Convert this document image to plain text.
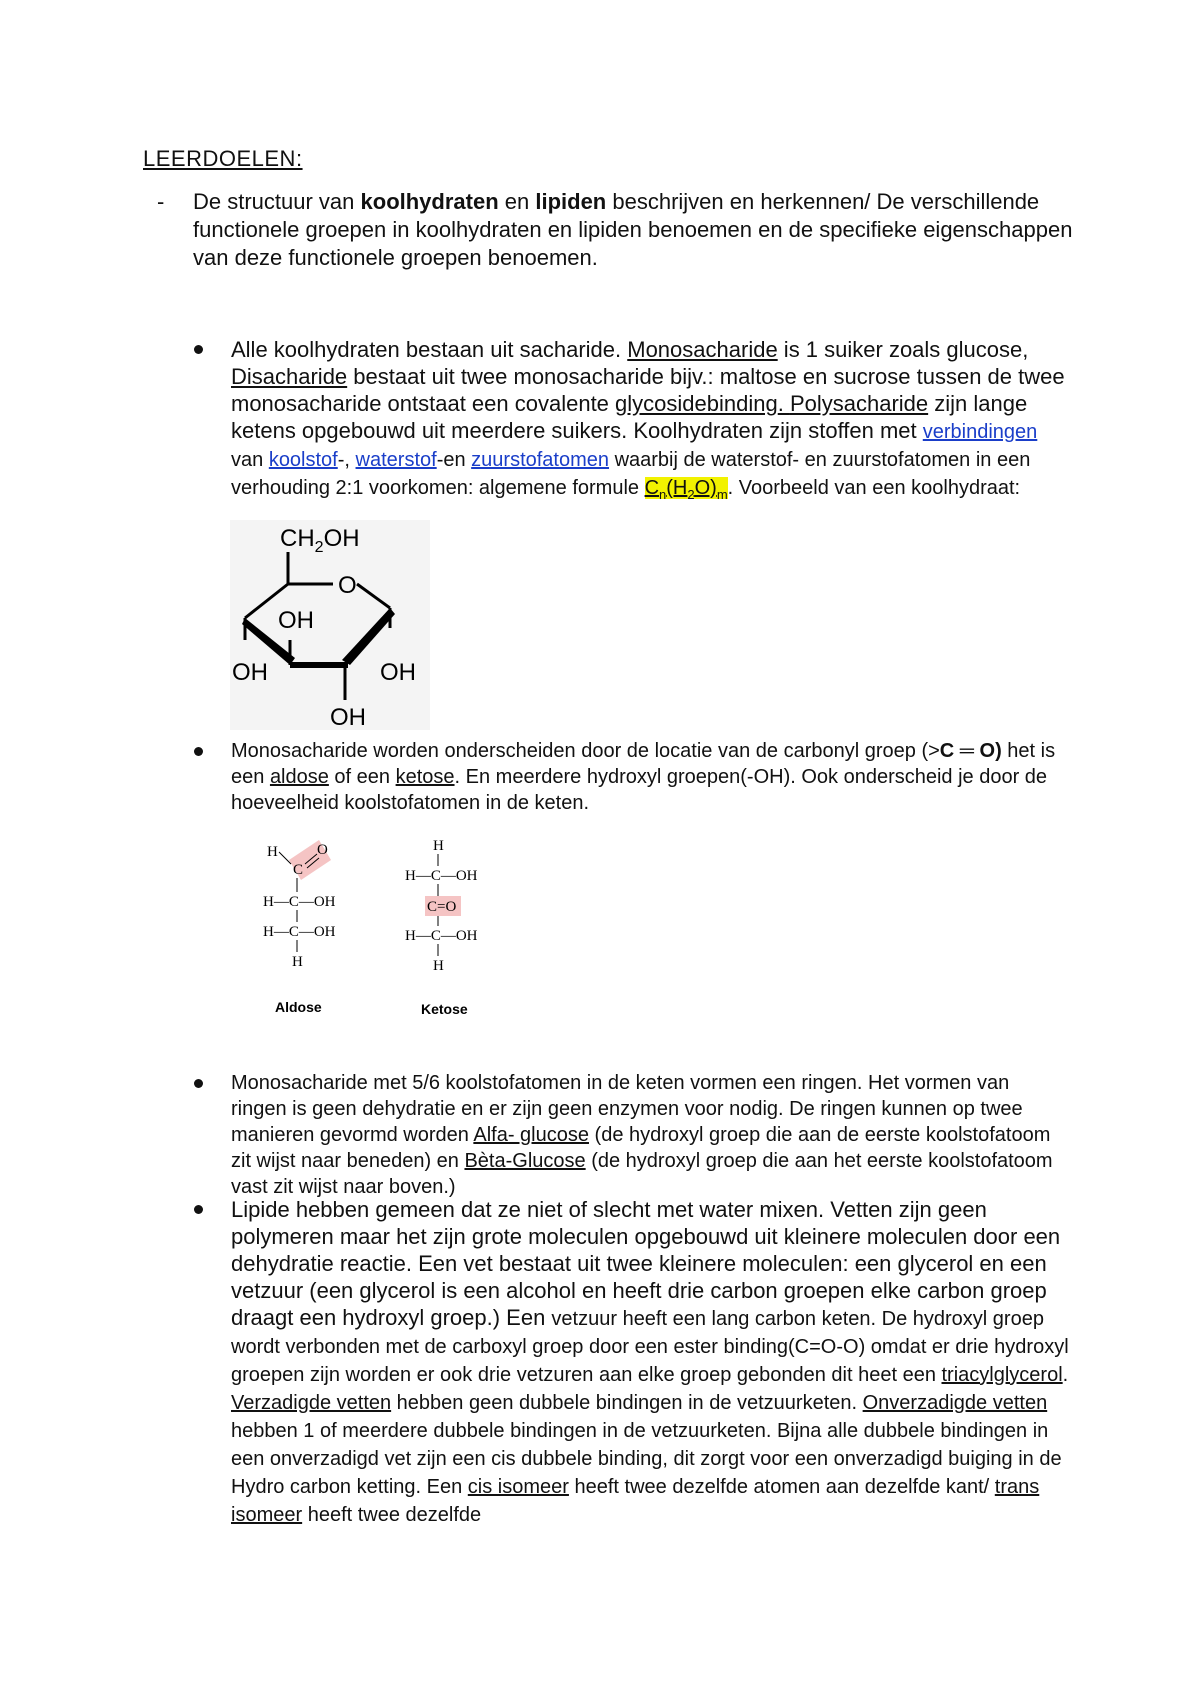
LEERDOELEN:
- De structuur van koolhydraten en lipiden beschrijven en herkennen/ De verschillende functionele groepen in koolhydraten en lipiden benoemen en de specifieke eigenschappen van deze functionele groepen benoemen.
Alle koolhydraten bestaan uit sacharide. Monosacharide is 1 suiker zoals glucose, Disacharide bestaat uit twee monosacharide bijv.: maltose en sucrose tussen de twee monosacharide ontstaat een covalente glycosidebinding. Polysacharide zijn lange ketens opgebouwd uit meerdere suikers. Koolhydraten zijn stoffen met verbindingen van koolstof-, waterstof-en zuurstofatomen waarbij de waterstof- en zuurstofatomen in een verhouding 2:1 voorkomen: algemene formule $C_n(H_2O)_m$. Voorbeeld van een koolhydraat:
$CH_2OH$
O
OH
OH	OH
OH
Monosacharide worden onderscheiden door de locatie van de carbonyl groep (>C ═ O) het is een aldose of een ketose. En meerdere hydroxyl groepen(-OH). Ook onderscheid je door de hoeveelheid koolstofatomen in de keten.
H
C
O
H—C—OH
H—C—OH
H
Aldose
H
H—C—OH
C=O
H—C—OH
H
Ketose
Monosacharide met 5/6 koolstofatomen in de keten vormen een ringen. Het vormen van ringen is geen dehydratie en er zijn geen enzymen voor nodig. De ringen kunnen op twee manieren gevormd worden Alfa- glucose (de hydroxyl groep die aan de eerste koolstofatoom zit wijst naar beneden) en Bèta-Glucose (de hydroxyl groep die aan het eerste koolstofatoom vast zit wijst naar boven.)
Lipide hebben gemeen dat ze niet of slecht met water mixen. Vetten zijn geen polymeren maar het zijn grote moleculen opgebouwd uit kleinere moleculen door een dehydratie reactie. Een vet bestaat uit twee kleinere moleculen: een glycerol en een vetzuur (een glycerol is een alcohol en heeft drie carbon groepen elke carbon groep draagt een hydroxyl groep.) Een vetzuur heeft een lang carbon keten. De hydroxyl groep wordt verbonden met de carboxyl groep door een ester binding(C=O-O) omdat er drie hydroxyl groepen zijn worden er ook drie vetzuren aan elke groep gebonden dit heet een triacylglycerol. Verzadigde vetten hebben geen dubbele bindingen in de vetzuurketen. Onverzadigde vetten hebben 1 of meerdere dubbele bindingen in de vetzuurketen. Bijna alle dubbele bindingen in een onverzadigd vet zijn een cis dubbele binding, dit zorgt voor een onverzadigd buiging in de Hydro carbon ketting. Een cis isomeer heeft twee dezelfde atomen aan dezelfde kant/ trans isomeer heeft twee dezelfde
